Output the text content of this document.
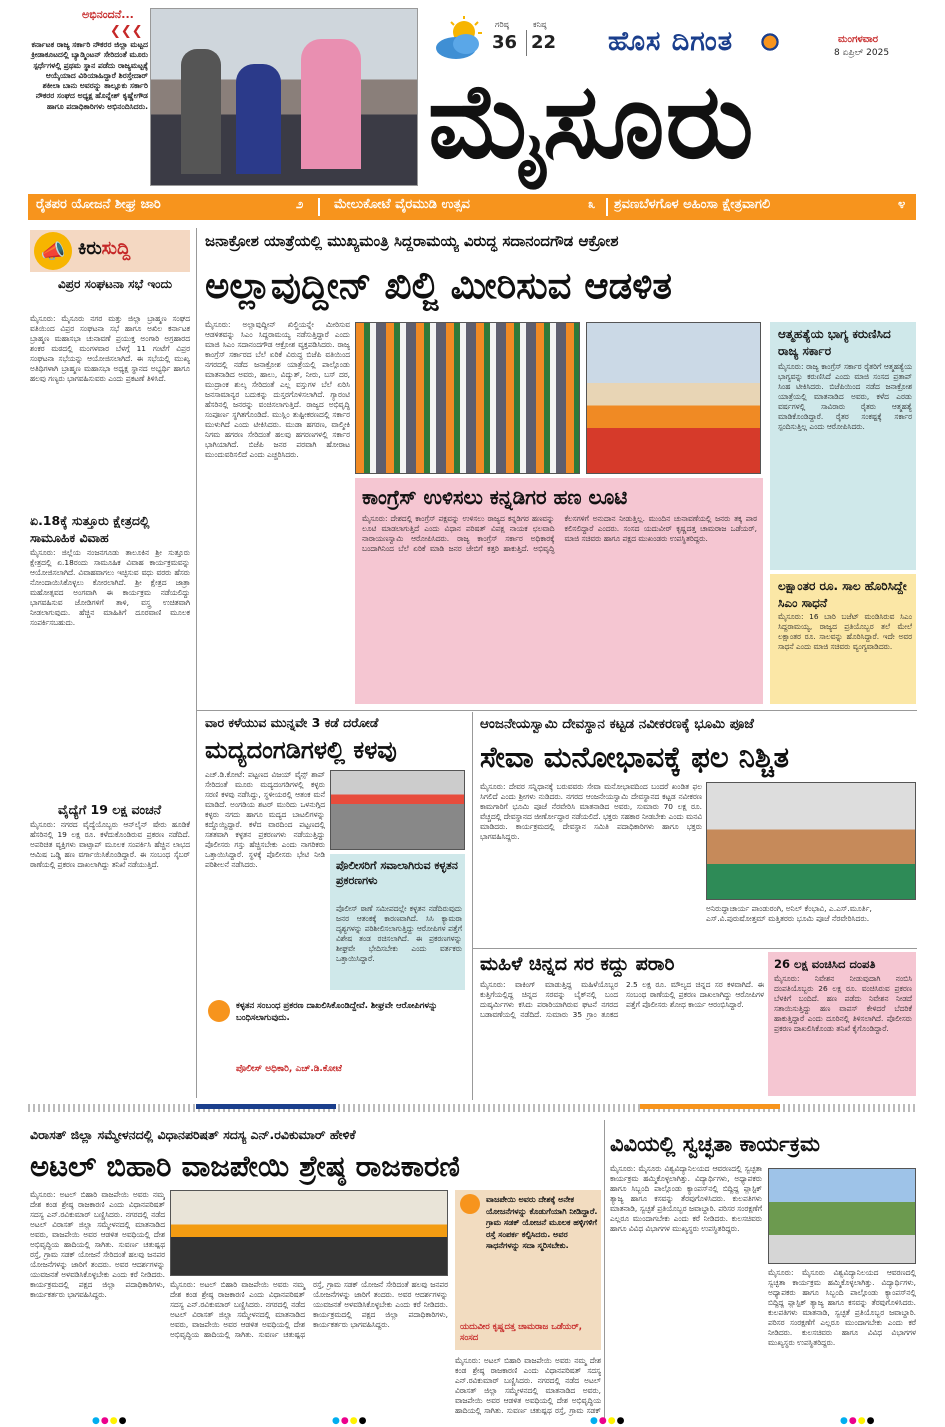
ಅಭಿನಂದನೆ...
❮❮❮
ಕರ್ನಾಟಕ ರಾಜ್ಯ ಸರ್ಕಾರಿ ನೌಕರರ ಜಿಲ್ಲಾ ಮಟ್ಟದ ಕ್ರೀಡಾಕೂಟದಲ್ಲಿ ಬ್ಯಾಡ್ಮಿಂಟನ್ ಸೇರಿದಂತೆ ಮೂರು ಸ್ಪರ್ಧೆಗಳಲ್ಲಿ ಪ್ರಥಮ ಸ್ಥಾನ ಪಡೆದು ರಾಜ್ಯಮಟ್ಟಕ್ಕೆ ಆಯ್ಕೆಯಾದ ವಿಠಿಯಾಹಿದ್ದಾರೆ ಶಿರಸ್ತೇದಾರ್ ಶಕೀಲಾ ಬಾನು ಅವರನ್ನು ತಾಲ್ಲೂಕು ಸರ್ಕಾರಿ ನೌಕರರ ಸಂಘದ ಅಧ್ಯಕ್ಷ ಹೊನ್ನೇಶ್ ಕೃಷ್ಣೇಗೌಡ ಹಾಗೂ ಪದಾಧಿಕಾರಿಗಳು ಅಭಿನಂದಿಸಿದರು.
ಗರಿಷ್ಠ
36
ಕನಿಷ್ಠ
22 ಹೊಸ ದಿಗಂತ	ಮಂಗಳವಾರ
8 ಏಪ್ರಿಲ್ 2025
ಮೈಸೂರು
ರೈತಪರ ಯೋಜನೆ ಶೀಘ್ರ ಜಾರಿ	೨ ಮೇಲುಕೋಟೆ ವೈರಮುಡಿ ಉತ್ಸವ	೩ ಶ್ರವಣಬೆಳಗೊಳ ಅಹಿಂಸಾ ಕ್ಷೇತ್ರವಾಗಲಿ	೪
📣 ಕಿರುಸುದ್ದಿ
ವಿಪ್ರರ ಸಂಘಟನಾ ಸಭೆ ಇಂದು
ಮೈಸೂರು: ಮೈಸೂರು ನಗರ ಮತ್ತು ಜಿಲ್ಲಾ ಬ್ರಾಹ್ಮಣ ಸಂಘದ ವತಿಯಿಂದ ವಿಪ್ರರ ಸಂಘಟನಾ ಸಭೆ ಹಾಗೂ ಅಖಿಲ ಕರ್ನಾಟಕ ಬ್ರಾಹ್ಮಣ ಮಹಾಸಭಾ ಚುನಾವಣೆ ಪ್ರಯುಕ್ತ ಅಂಗಾರಿ ಅಗ್ರಹಾರದ ಶಂಕರ ಮಠದಲ್ಲಿ ಮಂಗಳವಾರ ಬೆಳಗ್ಗೆ 11 ಗಂಟೆಗೆ ವಿಪ್ರರ ಸಂಘಟನಾ ಸಭೆಯನ್ನು ಆಯೋಜಿಸಲಾಗಿದೆ. ಈ ಸಭೆಯಲ್ಲಿ ಮುಖ್ಯ ಅತಿಥಿಗಳಾಗಿ ಬ್ರಾಹ್ಮಣ ಮಹಾಸಭಾ ಅಧ್ಯಕ್ಷ ಸ್ಥಾನದ ಅಭ್ಯರ್ಥಿ ಹಾಗೂ ಹಲವು ಗಣ್ಯರು ಭಾಗವಹಿಸುವರು ಎಂದು ಪ್ರಕಟಣೆ ತಿಳಿಸಿದೆ.
ಏ.18ಕ್ಕೆ ಸುತ್ತೂರು ಕ್ಷೇತ್ರದಲ್ಲಿ ಸಾಮೂಹಿಕ ವಿವಾಹ
ಮೈಸೂರು: ಜಿಲ್ಲೆಯ ನಂಜನಗೂಡು ತಾಲೂಕಿನ ಶ್ರೀ ಸುತ್ತೂರು ಕ್ಷೇತ್ರದಲ್ಲಿ ಏ.18ರಂದು ಸಾಮೂಹಿಕ ವಿವಾಹ ಕಾರ್ಯಕ್ರಮವನ್ನು ಆಯೋಜಿಸಲಾಗಿದೆ. ವಿವಾಹವಾಗಲು ಇಚ್ಛಿಸುವ ವಧು ವರರು ಹೆಸರು ನೋಂದಾಯಿಸಿಕೊಳ್ಳಲು ಕೋರಲಾಗಿದೆ. ಶ್ರೀ ಕ್ಷೇತ್ರದ ಜಾತ್ರಾ ಮಹೋತ್ಸವದ ಅಂಗವಾಗಿ ಈ ಕಾರ್ಯಕ್ರಮ ನಡೆಯಲಿದ್ದು ಭಾಗವಹಿಸುವ ಜೋಡಿಗಳಿಗೆ ತಾಳಿ, ವಸ್ತ್ರ ಉಚಿತವಾಗಿ ನೀಡಲಾಗುವುದು. ಹೆಚ್ಚಿನ ಮಾಹಿತಿಗೆ ದೂರವಾಣಿ ಮೂಲಕ ಸಂಪರ್ಕಿಸಬಹುದು.
ವೈದ್ಯೆಗೆ 19 ಲಕ್ಷ ವಂಚನೆ
ಮೈಸೂರು: ನಗರದ ವೈದ್ಯೆಯೊಬ್ಬರು ಆನ್‌ಲೈನ್ ಷೇರು ಹೂಡಿಕೆ ಹೆಸರಿನಲ್ಲಿ 19 ಲಕ್ಷ ರೂ. ಕಳೆದುಕೊಂಡಿರುವ ಪ್ರಕರಣ ನಡೆದಿದೆ. ಅಪರಿಚಿತ ವ್ಯಕ್ತಿಗಳು ವಾಟ್ಸಾಪ್ ಮೂಲಕ ಸಂಪರ್ಕಿಸಿ ಹೆಚ್ಚಿನ ಲಾಭದ ಆಮಿಷ ಒಡ್ಡಿ ಹಣ ವರ್ಗಾಯಿಸಿಕೊಂಡಿದ್ದಾರೆ. ಈ ಸಂಬಂಧ ಸೈಬರ್ ಠಾಣೆಯಲ್ಲಿ ಪ್ರಕರಣ ದಾಖಲಾಗಿದ್ದು ತನಿಖೆ ನಡೆಯುತ್ತಿದೆ.
ಜನಾಕ್ರೋಶ ಯಾತ್ರೆಯಲ್ಲಿ ಮುಖ್ಯಮಂತ್ರಿ ಸಿದ್ದರಾಮಯ್ಯ ವಿರುದ್ಧ ಸದಾನಂದಗೌಡ ಆಕ್ರೋಶ
ಅಲ್ಲಾವುದ್ದೀನ್ ಖಿಲ್ಜಿ ಮೀರಿಸುವ ಆಡಳಿತ
ಮೈಸೂರು: ಅಲ್ಲಾವುದ್ದೀನ್ ಖಿಲ್ಜಿಯನ್ನೇ ಮೀರಿಸುವ ಆಡಳಿತವನ್ನು ಸಿಎಂ ಸಿದ್ದರಾಮಯ್ಯ ನಡೆಸುತ್ತಿದ್ದಾರೆ ಎಂದು ಮಾಜಿ ಸಿಎಂ ಸದಾನಂದಗೌಡ ಆಕ್ರೋಶ ವ್ಯಕ್ತಪಡಿಸಿದರು. ರಾಜ್ಯ ಕಾಂಗ್ರೆಸ್ ಸರ್ಕಾರದ ಬೆಲೆ ಏರಿಕೆ ವಿರುದ್ಧ ಬಿಜೆಪಿ ವತಿಯಿಂದ ನಗರದಲ್ಲಿ ನಡೆದ ಜನಾಕ್ರೋಶ ಯಾತ್ರೆಯಲ್ಲಿ ಪಾಲ್ಗೊಂಡು ಮಾತನಾಡಿದ ಅವರು, ಹಾಲು, ವಿದ್ಯುತ್, ನೀರು, ಬಸ್ ದರ, ಮುದ್ರಾಂಕ ಶುಲ್ಕ ಸೇರಿದಂತೆ ಎಲ್ಲ ವಸ್ತುಗಳ ಬೆಲೆ ಏರಿಸಿ ಜನಸಾಮಾನ್ಯರ ಬದುಕನ್ನು ದುಸ್ತರಗೊಳಿಸಲಾಗಿದೆ. ಗ್ಯಾರಂಟಿ ಹೆಸರಿನಲ್ಲಿ ಜನರನ್ನು ವಂಚಿಸಲಾಗುತ್ತಿದೆ. ರಾಜ್ಯದ ಅಭಿವೃದ್ಧಿ ಸಂಪೂರ್ಣ ಸ್ಥಗಿತಗೊಂಡಿದೆ. ಮುಸ್ಲಿಂ ತುಷ್ಟೀಕರಣದಲ್ಲಿ ಸರ್ಕಾರ ಮುಳುಗಿದೆ ಎಂದು ಟೀಕಿಸಿದರು. ಮುಡಾ ಹಗರಣ, ವಾಲ್ಮೀಕಿ ನಿಗಮ ಹಗರಣ ಸೇರಿದಂತೆ ಹಲವು ಹಗರಣಗಳಲ್ಲಿ ಸರ್ಕಾರ ಭಾಗಿಯಾಗಿದೆ. ಬಿಜೆಪಿ ಜನರ ಪರವಾಗಿ ಹೋರಾಟ ಮುಂದುವರಿಸಲಿದೆ ಎಂದು ಎಚ್ಚರಿಸಿದರು.
ಕಾಂಗ್ರೆಸ್ ಉಳಿಸಲು ಕನ್ನಡಿಗರ ಹಣ ಲೂಟಿ
ಮೈಸೂರು: ದೇಶದಲ್ಲಿ ಕಾಂಗ್ರೆಸ್ ಪಕ್ಷವನ್ನು ಉಳಿಸಲು ರಾಜ್ಯದ ಕನ್ನಡಿಗರ ಹಣವನ್ನು ಲೂಟಿ ಮಾಡಲಾಗುತ್ತಿದೆ ಎಂದು ವಿಧಾನ ಪರಿಷತ್ ವಿಪಕ್ಷ ನಾಯಕ ಛಲವಾದಿ ನಾರಾಯಣಸ್ವಾಮಿ ಆರೋಪಿಸಿದರು. ರಾಜ್ಯ ಕಾಂಗ್ರೆಸ್ ಸರ್ಕಾರ ಅಧಿಕಾರಕ್ಕೆ ಬಂದಾಗಿನಿಂದ ಬೆಲೆ ಏರಿಕೆ ಮಾಡಿ ಜನರ ಜೇಬಿಗೆ ಕತ್ತರಿ ಹಾಕುತ್ತಿದೆ. ಅಭಿವೃದ್ಧಿ ಕೆಲಸಗಳಿಗೆ ಅನುದಾನ ನೀಡುತ್ತಿಲ್ಲ. ಮುಂದಿನ ಚುನಾವಣೆಯಲ್ಲಿ ಜನರು ತಕ್ಕ ಪಾಠ ಕಲಿಸಲಿದ್ದಾರೆ ಎಂದರು. ಸಂಸದ ಯದುವೀರ್ ಕೃಷ್ಣದತ್ತ ಚಾಮರಾಜ ಒಡೆಯರ್, ಮಾಜಿ ಸಚಿವರು ಹಾಗೂ ಪಕ್ಷದ ಮುಖಂಡರು ಉಪಸ್ಥಿತರಿದ್ದರು.
ಆತ್ಮಹತ್ಯೆಯ ಭಾಗ್ಯ ಕರುಣಿಸಿದ ರಾಜ್ಯ ಸರ್ಕಾರ
ಮೈಸೂರು: ರಾಜ್ಯ ಕಾಂಗ್ರೆಸ್ ಸರ್ಕಾರ ರೈತರಿಗೆ ಆತ್ಮಹತ್ಯೆಯ ಭಾಗ್ಯವನ್ನು ಕರುಣಿಸಿದೆ ಎಂದು ಮಾಜಿ ಸಂಸದ ಪ್ರತಾಪ್ ಸಿಂಹ ಟೀಕಿಸಿದರು. ಬಿಜೆಪಿಯಿಂದ ನಡೆದ ಜನಾಕ್ರೋಶ ಯಾತ್ರೆಯಲ್ಲಿ ಮಾತನಾಡಿದ ಅವರು, ಕಳೆದ ಎರಡು ವರ್ಷಗಳಲ್ಲಿ ಸಾವಿರಾರು ರೈತರು ಆತ್ಮಹತ್ಯೆ ಮಾಡಿಕೊಂಡಿದ್ದಾರೆ. ರೈತರ ಸಂಕಷ್ಟಕ್ಕೆ ಸರ್ಕಾರ ಸ್ಪಂದಿಸುತ್ತಿಲ್ಲ ಎಂದು ಆರೋಪಿಸಿದರು.
ಲಕ್ಷಾಂತರ ರೂ. ಸಾಲ ಹೊರಿಸಿದ್ದೇ ಸಿಎಂ ಸಾಧನೆ
ಮೈಸೂರು: 16 ಬಾರಿ ಬಜೆಟ್ ಮಂಡಿಸಿರುವ ಸಿಎಂ ಸಿದ್ದರಾಮಯ್ಯ, ರಾಜ್ಯದ ಪ್ರತಿಯೊಬ್ಬರ ತಲೆ ಮೇಲೆ ಲಕ್ಷಾಂತರ ರೂ. ಸಾಲವನ್ನು ಹೊರಿಸಿದ್ದಾರೆ. ಇದೇ ಅವರ ಸಾಧನೆ ಎಂದು ಮಾಜಿ ಸಚಿವರು ವ್ಯಂಗ್ಯವಾಡಿದರು.
ವಾರ ಕಳೆಯುವ ಮುನ್ನವೇ 3 ಕಡೆ ದರೋಡೆ
ಮದ್ಯದಂಗಡಿಗಳಲ್ಲಿ ಕಳವು
ಎಚ್.ಡಿ.ಕೋಟೆ: ಪಟ್ಟಣದ ವಿಜಯ್ ವೈನ್ಸ್ ಶಾಪ್ ಸೇರಿದಂತೆ ಮೂರು ಮದ್ಯದಂಗಡಿಗಳಲ್ಲಿ ಕಳ್ಳರು ಸರಣಿ ಕಳವು ನಡೆಸಿದ್ದು, ಸ್ಥಳೀಯರಲ್ಲಿ ಆತಂಕ ಮನೆ ಮಾಡಿದೆ. ಅಂಗಡಿಯ ಶಟರ್ ಮುರಿದು ಒಳನುಗ್ಗಿದ ಕಳ್ಳರು ನಗದು ಹಾಗೂ ಮದ್ಯದ ಬಾಟಲಿಗಳನ್ನು ಕದ್ದೊಯ್ದಿದ್ದಾರೆ. ಕಳೆದ ವಾರದಿಂದ ಪಟ್ಟಣದಲ್ಲಿ ಸತತವಾಗಿ ಕಳ್ಳತನ ಪ್ರಕರಣಗಳು ನಡೆಯುತ್ತಿದ್ದು ಪೊಲೀಸರು ಗಸ್ತು ಹೆಚ್ಚಿಸಬೇಕು ಎಂದು ನಾಗರಿಕರು ಒತ್ತಾಯಿಸಿದ್ದಾರೆ. ಸ್ಥಳಕ್ಕೆ ಪೊಲೀಸರು ಭೇಟಿ ನೀಡಿ ಪರಿಶೀಲನೆ ನಡೆಸಿದರು.	ಪೊಲೀಸರಿಗೆ ಸವಾಲಾಗಿರುವ ಕಳ್ಳತನ ಪ್ರಕರಣಗಳು
ಪೊಲೀಸ್ ಠಾಣೆ ಸಮೀಪದಲ್ಲೇ ಕಳ್ಳತನ ನಡೆದಿರುವುದು ಜನರ ಆತಂಕಕ್ಕೆ ಕಾರಣವಾಗಿದೆ. ಸಿಸಿ ಕ್ಯಾಮರಾ ದೃಶ್ಯಗಳನ್ನು ಪರಿಶೀಲಿಸಲಾಗುತ್ತಿದ್ದು ಆರೋಪಿಗಳ ಪತ್ತೆಗೆ ವಿಶೇಷ ತಂಡ ರಚಿಸಲಾಗಿದೆ. ಈ ಪ್ರಕರಣಗಳನ್ನು ಶೀಘ್ರವೇ ಭೇದಿಸಬೇಕು ಎಂದು ವರ್ತಕರು ಒತ್ತಾಯಿಸಿದ್ದಾರೆ.
ಕಳ್ಳತನ ಸಂಬಂಧ ಪ್ರಕರಣ ದಾಖಲಿಸಿಕೊಂಡಿದ್ದೇವೆ. ಶೀಘ್ರವೇ ಆರೋಪಿಗಳನ್ನು ಬಂಧಿಸಲಾಗುವುದು.
ಪೊಲೀಸ್ ಅಧಿಕಾರಿ, ಎಚ್.ಡಿ.ಕೋಟೆ
ಆಂಜನೇಯಸ್ವಾಮಿ ದೇವಸ್ಥಾನ ಕಟ್ಟಡ ನವೀಕರಣಕ್ಕೆ ಭೂಮಿ ಪೂಜೆ
ಸೇವಾ ಮನೋಭಾವಕ್ಕೆ ಫಲ ನಿಶ್ಚಿತ
ಮೈಸೂರು: ದೇವರ ಸನ್ನಿಧಾನಕ್ಕೆ ಬರುವವರು ಸೇವಾ ಮನೋಭಾವದಿಂದ ಬಂದರೆ ಖಂಡಿತ ಫಲ ಸಿಗಲಿದೆ ಎಂದು ಶ್ರೀಗಳು ನುಡಿದರು. ನಗರದ ಆಂಜನೇಯಸ್ವಾಮಿ ದೇವಸ್ಥಾನದ ಕಟ್ಟಡ ನವೀಕರಣ ಕಾಮಗಾರಿಗೆ ಭೂಮಿ ಪೂಜೆ ನೆರವೇರಿಸಿ ಮಾತನಾಡಿದ ಅವರು, ಸುಮಾರು 70 ಲಕ್ಷ ರೂ. ವೆಚ್ಚದಲ್ಲಿ ದೇವಸ್ಥಾನದ ಜೀರ್ಣೋದ್ಧಾರ ನಡೆಯಲಿದೆ. ಭಕ್ತರು ಸಹಕಾರ ನೀಡಬೇಕು ಎಂದು ಮನವಿ ಮಾಡಿದರು. ಕಾರ್ಯಕ್ರಮದಲ್ಲಿ ದೇವಸ್ಥಾನ ಸಮಿತಿ ಪದಾಧಿಕಾರಿಗಳು ಹಾಗೂ ಭಕ್ತರು ಭಾಗವಹಿಸಿದ್ದರು.
ಅನಿರುದ್ಧಾಚಾರ್ಯ ಪಾಂಡುರಂಗಿ, ಅನಿಲ್ ಕೆಂಭಾವಿ, ಎ.ಎಸ್.ಮೂರ್ತಿ, ಎಸ್.ವಿ.ಪುರುಷೋತ್ತಮ್ ಮತ್ತಿತರರು ಭೂಮಿ ಪೂಜೆ ನೆರವೇರಿಸಿದರು.
ಮಹಿಳೆ ಚಿನ್ನದ ಸರ ಕದ್ದು ಪರಾರಿ
ಮೈಸೂರು: ವಾಕಿಂಗ್ ಮಾಡುತ್ತಿದ್ದ ಮಹಿಳೆಯೊಬ್ಬರ ಕುತ್ತಿಗೆಯಲ್ಲಿದ್ದ ಚಿನ್ನದ ಸರವನ್ನು ಬೈಕ್‌ನಲ್ಲಿ ಬಂದ ದುಷ್ಕರ್ಮಿಗಳು ಕಸಿದು ಪರಾರಿಯಾಗಿರುವ ಘಟನೆ ನಗರದ ಬಡಾವಣೆಯಲ್ಲಿ ನಡೆದಿದೆ. ಸುಮಾರು 35 ಗ್ರಾಂ ತೂಕದ 2.5 ಲಕ್ಷ ರೂ. ಮೌಲ್ಯದ ಚಿನ್ನದ ಸರ ಕಳವಾಗಿದೆ. ಈ ಸಂಬಂಧ ಠಾಣೆಯಲ್ಲಿ ಪ್ರಕರಣ ದಾಖಲಾಗಿದ್ದು ಆರೋಪಿಗಳ ಪತ್ತೆಗೆ ಪೊಲೀಸರು ಶೋಧ ಕಾರ್ಯ ಆರಂಭಿಸಿದ್ದಾರೆ.
26 ಲಕ್ಷ ವಂಚಿಸಿದ ದಂಪತಿ
ಮೈಸೂರು: ನಿವೇಶನ ನೀಡುವುದಾಗಿ ನಂಬಿಸಿ ದಂಪತಿಯೊಬ್ಬರು 26 ಲಕ್ಷ ರೂ. ವಂಚಿಸಿರುವ ಪ್ರಕರಣ ಬೆಳಕಿಗೆ ಬಂದಿದೆ. ಹಣ ಪಡೆದು ನಿವೇಶನ ನೀಡದೆ ಸತಾಯಿಸುತ್ತಿದ್ದು ಹಣ ವಾಪಸ್ ಕೇಳಿದರೆ ಬೆದರಿಕೆ ಹಾಕುತ್ತಿದ್ದಾರೆ ಎಂದು ದೂರಿನಲ್ಲಿ ತಿಳಿಸಲಾಗಿದೆ. ಪೊಲೀಸರು ಪ್ರಕರಣ ದಾಖಲಿಸಿಕೊಂಡು ತನಿಖೆ ಕೈಗೊಂಡಿದ್ದಾರೆ.
ವಿರಾಸತ್ ಜಿಲ್ಲಾ ಸಮ್ಮೇಳನದಲ್ಲಿ ವಿಧಾನಪರಿಷತ್ ಸದಸ್ಯ ಎನ್.ರವಿಕುಮಾರ್ ಹೇಳಿಕೆ
ಅಟಲ್ ಬಿಹಾರಿ ವಾಜಪೇಯಿ ಶ್ರೇಷ್ಠ ರಾಜಕಾರಣಿ
ಮೈಸೂರು: ಅಟಲ್ ಬಿಹಾರಿ ವಾಜಪೇಯಿ ಅವರು ನಮ್ಮ ದೇಶ ಕಂಡ ಶ್ರೇಷ್ಠ ರಾಜಕಾರಣಿ ಎಂದು ವಿಧಾನಪರಿಷತ್ ಸದಸ್ಯ ಎನ್.ರವಿಕುಮಾರ್ ಬಣ್ಣಿಸಿದರು. ನಗರದಲ್ಲಿ ನಡೆದ ಅಟಲ್ ವಿರಾಸತ್ ಜಿಲ್ಲಾ ಸಮ್ಮೇಳನದಲ್ಲಿ ಮಾತನಾಡಿದ ಅವರು, ವಾಜಪೇಯಿ ಅವರ ಆಡಳಿತ ಅವಧಿಯಲ್ಲಿ ದೇಶ ಅಭಿವೃದ್ಧಿಯ ಹಾದಿಯಲ್ಲಿ ಸಾಗಿತು. ಸುವರ್ಣ ಚತುಷ್ಪಥ ರಸ್ತೆ, ಗ್ರಾಮ ಸಡಕ್ ಯೋಜನೆ ಸೇರಿದಂತೆ ಹಲವು ಜನಪರ ಯೋಜನೆಗಳನ್ನು ಜಾರಿಗೆ ತಂದರು. ಅವರ ಆದರ್ಶಗಳನ್ನು ಯುವಜನತೆ ಅಳವಡಿಸಿಕೊಳ್ಳಬೇಕು ಎಂದು ಕರೆ ನೀಡಿದರು. ಕಾರ್ಯಕ್ರಮದಲ್ಲಿ ಪಕ್ಷದ ಜಿಲ್ಲಾ ಪದಾಧಿಕಾರಿಗಳು, ಕಾರ್ಯಕರ್ತರು ಭಾಗವಹಿಸಿದ್ದರು.
ಮೈಸೂರು: ಅಟಲ್ ಬಿಹಾರಿ ವಾಜಪೇಯಿ ಅವರು ನಮ್ಮ ದೇಶ ಕಂಡ ಶ್ರೇಷ್ಠ ರಾಜಕಾರಣಿ ಎಂದು ವಿಧಾನಪರಿಷತ್ ಸದಸ್ಯ ಎನ್.ರವಿಕುಮಾರ್ ಬಣ್ಣಿಸಿದರು. ನಗರದಲ್ಲಿ ನಡೆದ ಅಟಲ್ ವಿರಾಸತ್ ಜಿಲ್ಲಾ ಸಮ್ಮೇಳನದಲ್ಲಿ ಮಾತನಾಡಿದ ಅವರು, ವಾಜಪೇಯಿ ಅವರ ಆಡಳಿತ ಅವಧಿಯಲ್ಲಿ ದೇಶ ಅಭಿವೃದ್ಧಿಯ ಹಾದಿಯಲ್ಲಿ ಸಾಗಿತು. ಸುವರ್ಣ ಚತುಷ್ಪಥ ರಸ್ತೆ, ಗ್ರಾಮ ಸಡಕ್ ಯೋಜನೆ ಸೇರಿದಂತೆ ಹಲವು ಜನಪರ ಯೋಜನೆಗಳನ್ನು ಜಾರಿಗೆ ತಂದರು. ಅವರ ಆದರ್ಶಗಳನ್ನು ಯುವಜನತೆ ಅಳವಡಿಸಿಕೊಳ್ಳಬೇಕು ಎಂದು ಕರೆ ನೀಡಿದರು. ಕಾರ್ಯಕ್ರಮದಲ್ಲಿ ಪಕ್ಷದ ಜಿಲ್ಲಾ ಪದಾಧಿಕಾರಿಗಳು, ಕಾರ್ಯಕರ್ತರು ಭಾಗವಹಿಸಿದ್ದರು.
ವಾಜಪೇಯಿ ಅವರು ದೇಶಕ್ಕೆ ಅನೇಕ ಯೋಜನೆಗಳನ್ನು ಕೊಡುಗೆಯಾಗಿ ನೀಡಿದ್ದಾರೆ. ಗ್ರಾಮ ಸಡಕ್ ಯೋಜನೆ ಮೂಲಕ ಹಳ್ಳಿಗಳಿಗೆ ರಸ್ತೆ ಸಂಪರ್ಕ ಕಲ್ಪಿಸಿದರು. ಅವರ ಸಾಧನೆಗಳನ್ನು ಸದಾ ಸ್ಮರಿಸಬೇಕು.
ಯದುವೀರ ಕೃಷ್ಣದತ್ತ ಚಾಮರಾಜ ಒಡೆಯರ್, ಸಂಸದ
ಮೈಸೂರು: ಅಟಲ್ ಬಿಹಾರಿ ವಾಜಪೇಯಿ ಅವರು ನಮ್ಮ ದೇಶ ಕಂಡ ಶ್ರೇಷ್ಠ ರಾಜಕಾರಣಿ ಎಂದು ವಿಧಾನಪರಿಷತ್ ಸದಸ್ಯ ಎನ್.ರವಿಕುಮಾರ್ ಬಣ್ಣಿಸಿದರು. ನಗರದಲ್ಲಿ ನಡೆದ ಅಟಲ್ ವಿರಾಸತ್ ಜಿಲ್ಲಾ ಸಮ್ಮೇಳನದಲ್ಲಿ ಮಾತನಾಡಿದ ಅವರು, ವಾಜಪೇಯಿ ಅವರ ಆಡಳಿತ ಅವಧಿಯಲ್ಲಿ ದೇಶ ಅಭಿವೃದ್ಧಿಯ ಹಾದಿಯಲ್ಲಿ ಸಾಗಿತು. ಸುವರ್ಣ ಚತುಷ್ಪಥ ರಸ್ತೆ, ಗ್ರಾಮ ಸಡಕ್
ವಿವಿಯಲ್ಲಿ ಸ್ವಚ್ಛತಾ ಕಾರ್ಯಕ್ರಮ
ಮೈಸೂರು: ಮೈಸೂರು ವಿಶ್ವವಿದ್ಯಾನಿಲಯದ ಆವರಣದಲ್ಲಿ ಸ್ವಚ್ಛತಾ ಕಾರ್ಯಕ್ರಮ ಹಮ್ಮಿಕೊಳ್ಳಲಾಗಿತ್ತು. ವಿದ್ಯಾರ್ಥಿಗಳು, ಅಧ್ಯಾಪಕರು ಹಾಗೂ ಸಿಬ್ಬಂದಿ ಪಾಲ್ಗೊಂಡು ಕ್ಯಾಂಪಸ್‌ನಲ್ಲಿ ಬಿದ್ದಿದ್ದ ಪ್ಲಾಸ್ಟಿಕ್ ತ್ಯಾಜ್ಯ ಹಾಗೂ ಕಸವನ್ನು ತೆರವುಗೊಳಿಸಿದರು. ಕುಲಪತಿಗಳು ಮಾತನಾಡಿ, ಸ್ವಚ್ಛತೆ ಪ್ರತಿಯೊಬ್ಬರ ಜವಾಬ್ದಾರಿ. ಪರಿಸರ ಸಂರಕ್ಷಣೆಗೆ ಎಲ್ಲರೂ ಮುಂದಾಗಬೇಕು ಎಂದು ಕರೆ ನೀಡಿದರು. ಕುಲಸಚಿವರು ಹಾಗೂ ವಿವಿಧ ವಿಭಾಗಗಳ ಮುಖ್ಯಸ್ಥರು ಉಪಸ್ಥಿತರಿದ್ದರು.
ಮೈಸೂರು: ಮೈಸೂರು ವಿಶ್ವವಿದ್ಯಾನಿಲಯದ ಆವರಣದಲ್ಲಿ ಸ್ವಚ್ಛತಾ ಕಾರ್ಯಕ್ರಮ ಹಮ್ಮಿಕೊಳ್ಳಲಾಗಿತ್ತು. ವಿದ್ಯಾರ್ಥಿಗಳು, ಅಧ್ಯಾಪಕರು ಹಾಗೂ ಸಿಬ್ಬಂದಿ ಪಾಲ್ಗೊಂಡು ಕ್ಯಾಂಪಸ್‌ನಲ್ಲಿ ಬಿದ್ದಿದ್ದ ಪ್ಲಾಸ್ಟಿಕ್ ತ್ಯಾಜ್ಯ ಹಾಗೂ ಕಸವನ್ನು ತೆರವುಗೊಳಿಸಿದರು. ಕುಲಪತಿಗಳು ಮಾತನಾಡಿ, ಸ್ವಚ್ಛತೆ ಪ್ರತಿಯೊಬ್ಬರ ಜವಾಬ್ದಾರಿ. ಪರಿಸರ ಸಂರಕ್ಷಣೆಗೆ ಎಲ್ಲರೂ ಮುಂದಾಗಬೇಕು ಎಂದು ಕರೆ ನೀಡಿದರು. ಕುಲಸಚಿವರು ಹಾಗೂ ವಿವಿಧ ವಿಭಾಗಗಳ ಮುಖ್ಯಸ್ಥರು ಉಪಸ್ಥಿತರಿದ್ದರು.
●●●●	●●●●	●●●●	●●●●
